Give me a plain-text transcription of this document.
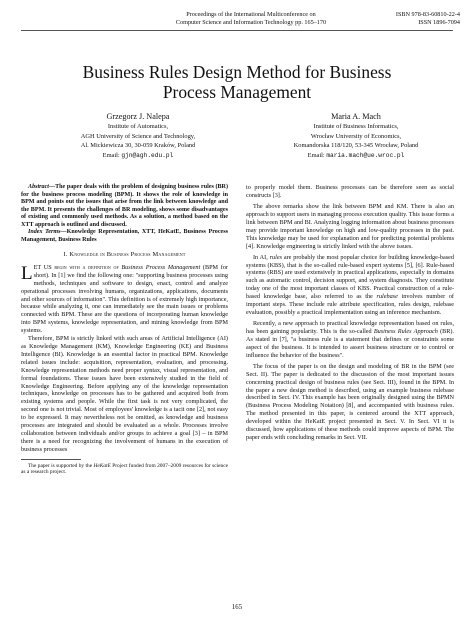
Proceedings of the International Multiconference on
Computer Science and Information Technology pp. 165–170
ISBN 978-83-60810-22-4
ISSN 1896-7094
Business Rules Design Method for Business
Process Management
Grzegorz J. Nalepa
Institute of Automatics,
AGH University of Science and Technology,
Al. Mickiewicza 30, 30-059 Kraków, Poland
Email: gjn@agh.edu.pl
Maria A. Mach
Institute of Business Informatics,
Wrocław University of Economics,
Komandorska 118/120, 53-345 Wrocław, Poland
Email: maria.mach@ue.wroc.pl

Abstract—The paper deals with the problem of designing business rules (BR) for the business process modeling (BPM). It shows the role of knowledge in BPM and points out the issues that arise from the link between knowledge and the BPM. It presents the challenges of BR modeling, shows some disadvantages of existing and commonly used methods. As a solution, a method based on the XTT approach is outlined and discussed.

Index Terms—Knowledge Representation, XTT, HeKatE, Business Process Management, Business Rules

I. Knowledge in Business Process Management

LET US begin with a definition of Business Process Management (BPM for short). In [1] we find the following one: "supporting business processes using methods, techniques and software to design, enact, control and analyze operational processes involving humans, organizations, applications, documents and other sources of information". This definition is of extremely high importance, because while analyzing it, one can immediately see the main issues or problems connected with BPM. These are the questions of incorporating human knowledge into BPM systems, knowledge representation, and mining knowledge from BPM systems.

Therefore, BPM is strictly linked with such areas of Artificial Intelligence (AI) as Knowledge Management (KM), Knowledge Engineering (KE) and Business Intelligence (BI). Knowledge is an essential factor in practical BPM. Knowledge related issues include: acquisition, representation, evaluation, and processing. Knowledge representation methods need proper syntax, visual representation, and formal foundations. These issues have been extensively studied in the field of Knowledge Engineering. Before applying any of the knowledge representation techniques, knowledge on processes has to be gathered and acquired both from existing systems and people. While the first task is not very complicated, the second one is not trivial. Most of employees' knowledge is a tacit one [2], not easy to be expressed. It may nevertheless not be omitted, as knowledge and business processes are integrated and should be evaluated as a whole. Processes involve collaboration between individuals and/or groups to achieve a goal [3] – in BPM there is a need for recognizing the involvement of humans in the execution of business processes

The paper is supported by the HeKatE Project funded from 2007–2009 resources for science as a research project.

to properly model them. Business processes can be therefore seen as social constructs [3].

The above remarks show the link between BPM and KM. There is also an approach to support users in managing process execution quality. This issue forms a link between BPM and BI. Analyzing logging information about business processes may provide important knowledge on high and low-quality processes in the past. This knowledge may be used for explanation and for predicting potential problems [4]. Knowledge engineering is strictly linked with the above issues.

In AI, rules are probably the most popular choice for building knowledge-based systems (KBS), that is the so-called rule-based expert systems [5], [6]. Rule-based systems (RBS) are used extensively in practical applications, especially in domains such as automatic control, decision support, and system diagnosis. They constitute today one of the most important classes of KBS. Practical construction of a rule-based knowledge base, also referred to as the rulebase involves number of important steps. These include rule attribute specification, rules design, rulebase evaluation, possibly a practical implementation using an inference mechanism.

Recently, a new approach to practical knowledge representation based on rules, has been gaining popularity. This is the so-called Business Rules Approach (BR). As stated in [7], "a business rule is a statement that defines or constraints some aspect of the business. It is intended to assert business structure or to control or influence the behavior of the business".

The focus of the paper is on the design and modeling of BR in the BPM (see Sect. II). The paper is dedicated to the discussion of the most important issues concerning practical design of business rules (see Sect. III), found in the BPM. In the paper a new design method is described, using an example business rulebase described in Sect. IV. This example has been originally designed using the BPMN (Business Process Modeling Notation) [8], and accompanied with business rules. The method presented in this paper, is centered around the XTT approach, developed within the HeKatE project presented in Sect. V. In Sect. VI it is discussed, how applications of these methods could improve aspects of BPM. The paper ends with concluding remarks in Sect. VII.

165
